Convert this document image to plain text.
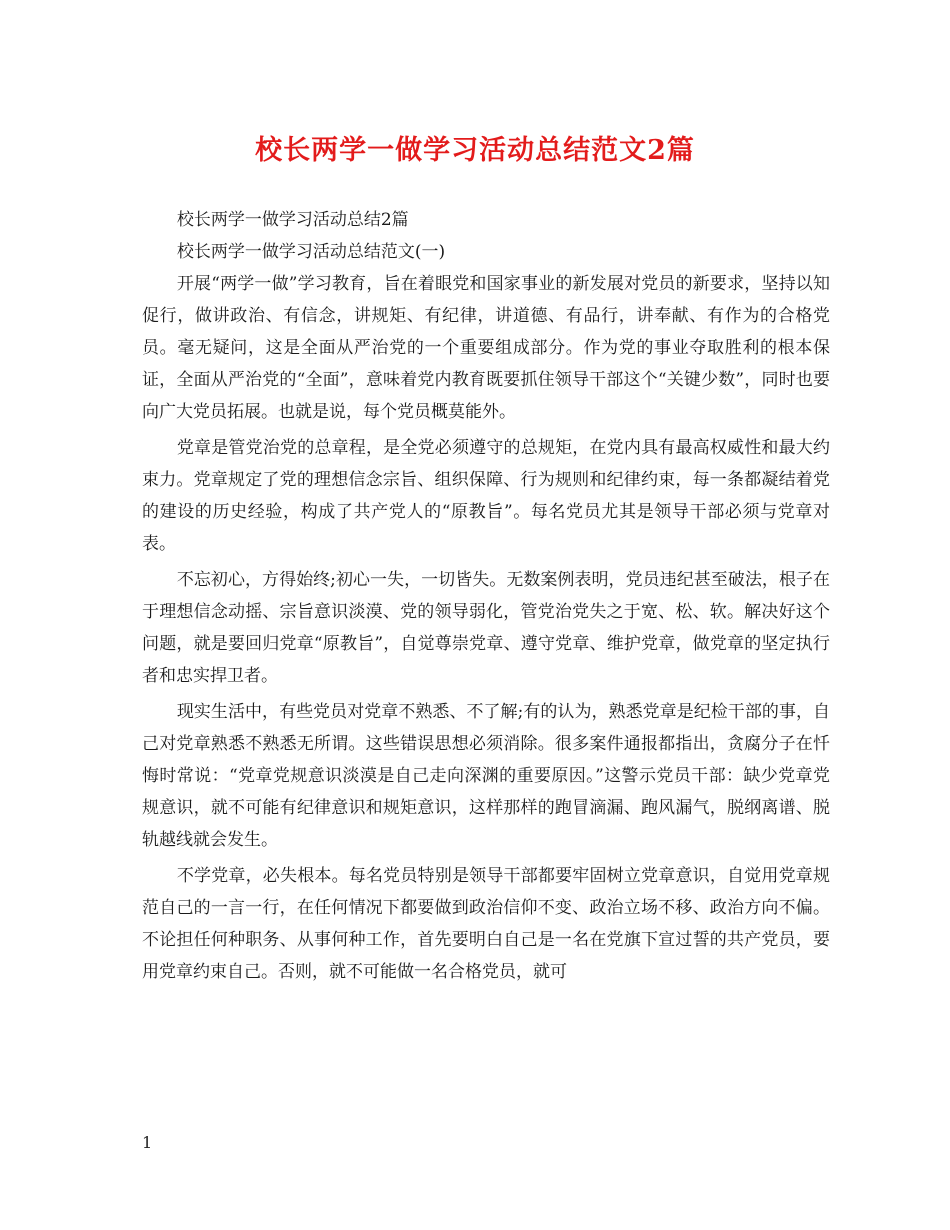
校长两学一做学习活动总结范文2篇

校长两学一做学习活动总结2篇

校长两学一做学习活动总结范文(一)

开展“两学一做”学习教育，旨在着眼党和国家事业的新发展对党员的新要求，坚持以知促行，做讲政治、有信念，讲规矩、有纪律，讲道德、有品行，讲奉献、有作为的合格党员。毫无疑问，这是全面从严治党的一个重要组成部分。作为党的事业夺取胜利的根本保证，全面从严治党的“全面”，意味着党内教育既要抓住领导干部这个“关键少数”，同时也要向广大党员拓展。也就是说，每个党员概莫能外。

党章是管党治党的总章程，是全党必须遵守的总规矩，在党内具有最高权威性和最大约束力。党章规定了党的理想信念宗旨、组织保障、行为规则和纪律约束，每一条都凝结着党的建设的历史经验，构成了共产党人的“原教旨”。每名党员尤其是领导干部必须与党章对表。

不忘初心，方得始终;初心一失，一切皆失。无数案例表明，党员违纪甚至破法，根子在于理想信念动摇、宗旨意识淡漠、党的领导弱化，管党治党失之于宽、松、软。解决好这个问题，就是要回归党章“原教旨”，自觉尊崇党章、遵守党章、维护党章，做党章的坚定执行者和忠实捍卫者。

现实生活中，有些党员对党章不熟悉、不了解;有的认为，熟悉党章是纪检干部的事，自己对党章熟悉不熟悉无所谓。这些错误思想必须消除。很多案件通报都指出，贪腐分子在忏悔时常说：“党章党规意识淡漠是自己走向深渊的重要原因。”这警示党员干部：缺少党章党规意识，就不可能有纪律意识和规矩意识，这样那样的跑冒滴漏、跑风漏气，脱纲离谱、脱轨越线就会发生。

不学党章，必失根本。每名党员特别是领导干部都要牢固树立党章意识，自觉用党章规范自己的一言一行，在任何情况下都要做到政治信仰不变、政治立场不移、政治方向不偏。不论担任何种职务、从事何种工作，首先要明白自己是一名在党旗下宣过誓的共产党员，要用党章约束自己。否则，就不可能做一名合格党员，就可

1
